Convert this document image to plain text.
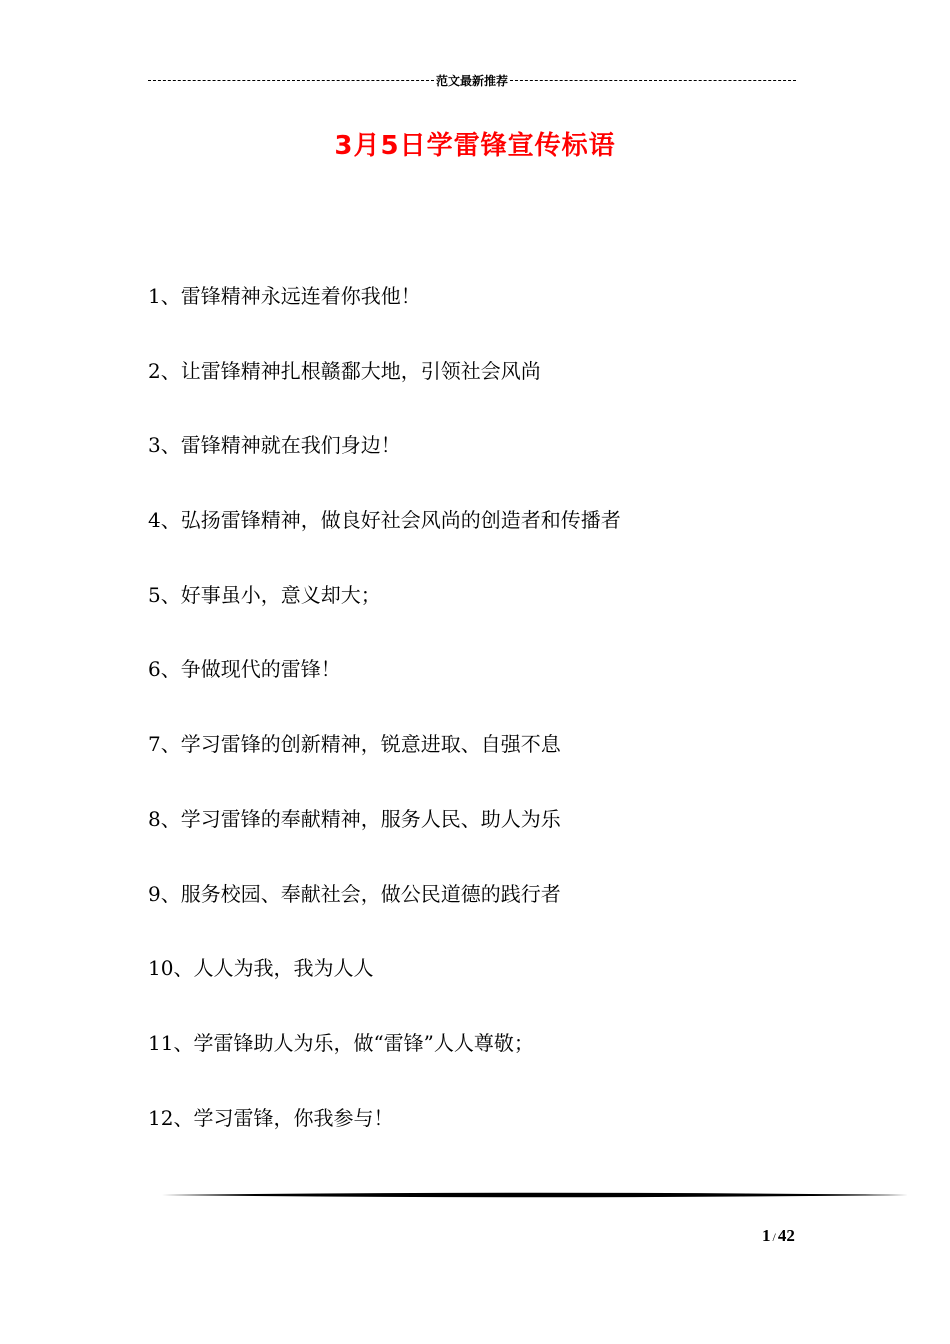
范文最新推荐
3月5日学雷锋宣传标语
1、雷锋精神永远连着你我他！
2、让雷锋精神扎根赣鄱大地，引领社会风尚
3、雷锋精神就在我们身边！
4、弘扬雷锋精神，做良好社会风尚的创造者和传播者
5、好事虽小，意义却大；
6、争做现代的雷锋！
7、学习雷锋的创新精神，锐意进取、自强不息
8、学习雷锋的奉献精神，服务人民、助人为乐
9、服务校园、奉献社会，做公民道德的践行者
10、人人为我，我为人人
11、学雷锋助人为乐，做“雷锋”人人尊敬；
12、学习雷锋，你我参与！
1 / 42
